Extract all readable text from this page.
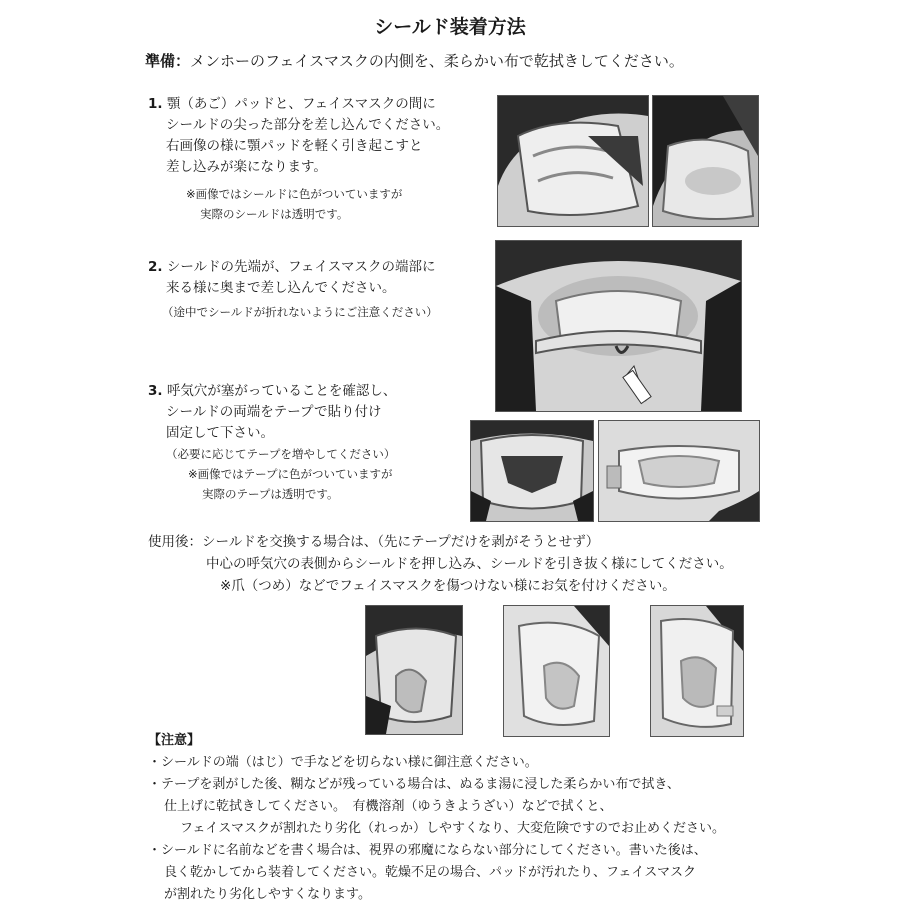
シールド装着方法
準備：メンホーのフェイスマスクの内側を、柔らかい布で乾拭きしてください。
1. 顎（あご）パッドと、フェイスマスクの間に
シールドの尖った部分を差し込んでください。
右画像の様に顎パッドを軽く引き起こすと
差し込みが楽になります。
※画像ではシールドに色がついていますが
実際のシールドは透明です。
2. シールドの先端が、フェイスマスクの端部に
来る様に奥まで差し込んでください。
（途中でシールドが折れないようにご注意ください）
3. 呼気穴が塞がっていることを確認し、
シールドの両端をテープで貼り付け
固定して下さい。
（必要に応じてテープを増やしてください）
※画像ではテープに色がついていますが
実際のテープは透明です。
使用後：シールドを交換する場合は、（先にテープだけを剥がそうとせず）
中心の呼気穴の表側からシールドを押し込み、シールドを引き抜く様にしてください。
※爪（つめ）などでフェイスマスクを傷つけない様にお気を付けください。
【注意】
・シールドの端（はじ）で手などを切らない様に御注意ください。
・テープを剥がした後、糊などが残っている場合は、ぬるま湯に浸した柔らかい布で拭き、
仕上げに乾拭きしてください。　有機溶剤（ゆうきようざい）などで拭くと、
フェイスマスクが割れたり劣化（れっか）しやすくなり、大変危険ですのでお止めください。
・シールドに名前などを書く場合は、視界の邪魔にならない部分にしてください。書いた後は、
良く乾かしてから装着してください。乾燥不足の場合、パッドが汚れたり、フェイスマスク
が割れたり劣化しやすくなります。
